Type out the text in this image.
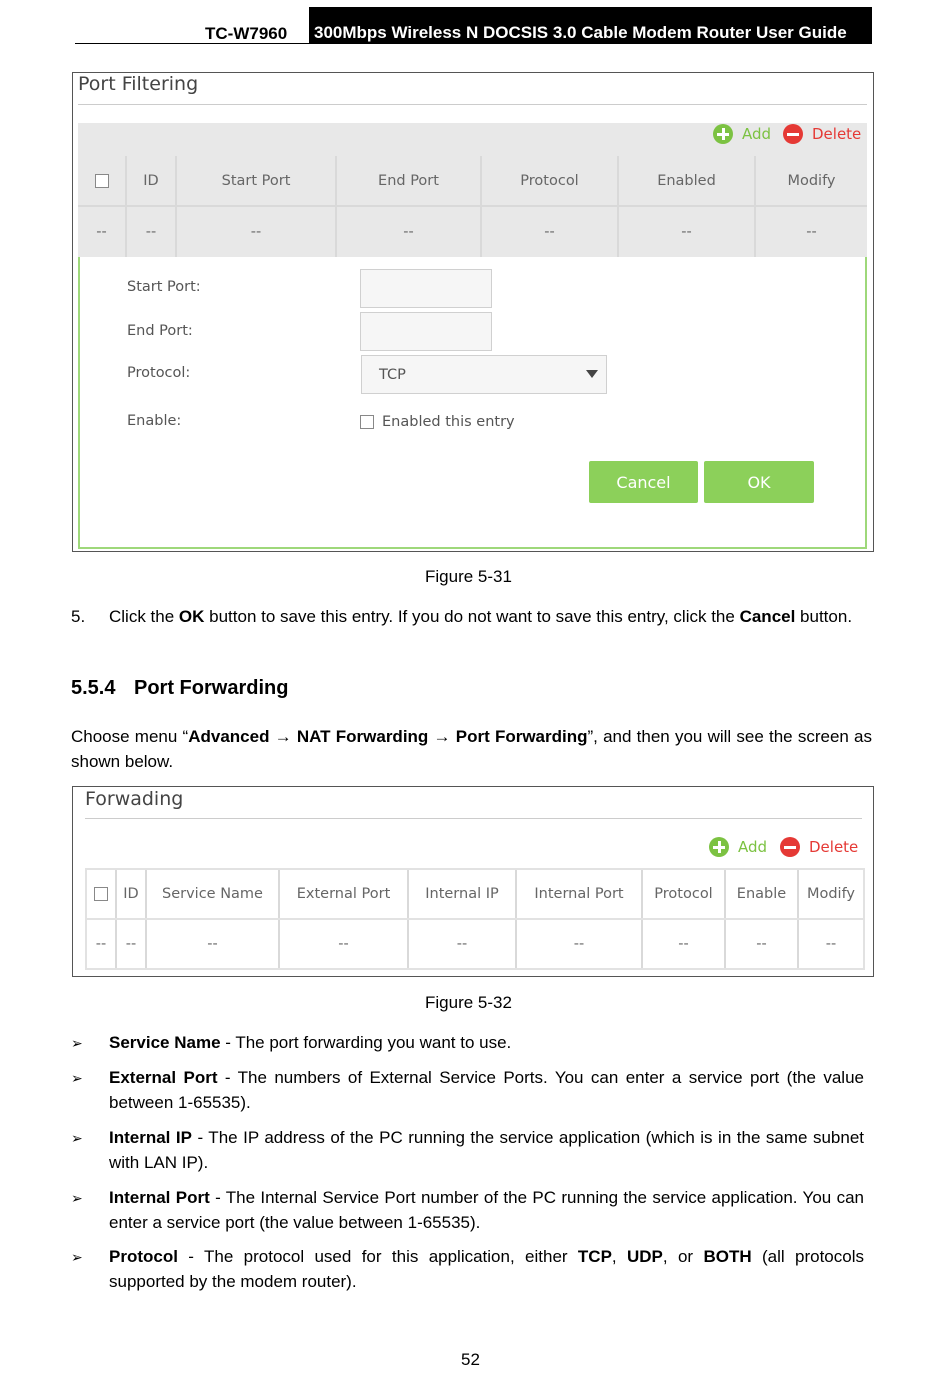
TC-W7960 300Mbps Wireless N DOCSIS 3.0 Cable Modem Router User Guide
Port Filtering
Add	Delete
ID	Start Port	End Port	Protocol	Enabled	Modify
--	--	--	--	--	--	--
Start Port:
End Port:
Protocol:	TCP
Enable:	Enabled this entry
Cancel	OK
Figure 5-31
5. Click the OK button to save this entry. If you do not want to save this entry, click the Cancel button.
5.5.4 Port Forwarding
Choose menu “Advanced → NAT Forwarding → Port Forwarding”, and then you will see the screen as shown below.
Forwading
Add	Delete
ID	Service Name	External Port	Internal IP	Internal Port	Protocol	Enable	Modify
--	--	--	--	--	--	--	--	--
Figure 5-32
➢ Service Name - The port forwarding you want to use.
➢ External Port - The numbers of External Service Ports. You can enter a service port (the value between 1-65535).
➢ Internal IP - The IP address of the PC running the service application (which is in the same subnet with LAN IP).
➢ Internal Port - The Internal Service Port number of the PC running the service application. You can enter a service port (the value between 1-65535).
➢ Protocol - The protocol used for this application, either TCP, UDP, or BOTH (all protocols supported by the modem router).
52
